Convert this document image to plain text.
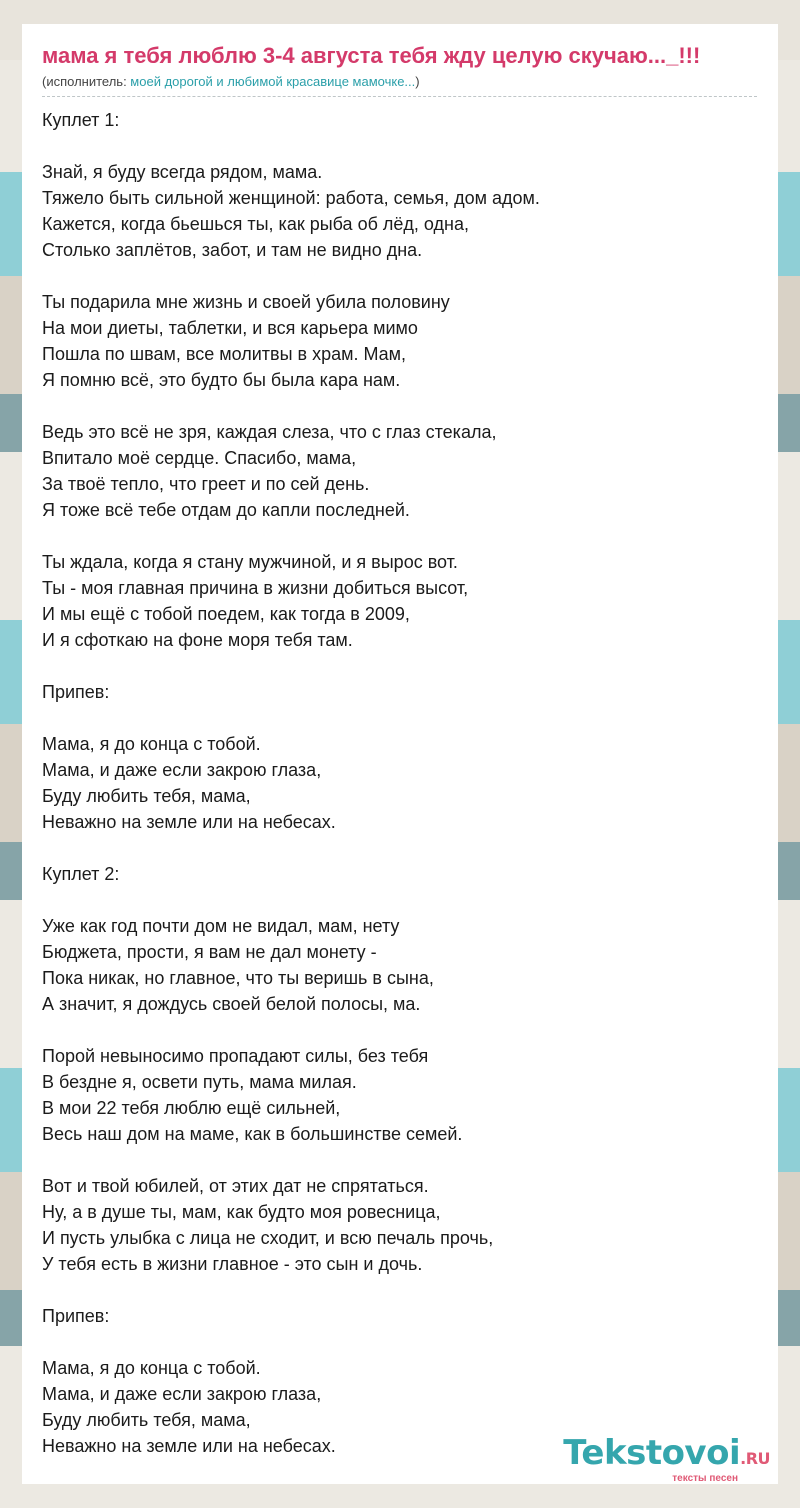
мама я тебя люблю 3-4 августа тебя жду целую скучаю..._!!!
(исполнитель: моей дорогой и любимой красавице мамочке...)
Куплет 1:
Знай, я буду всегда рядом, мама.
Тяжело быть сильной женщиной: работа, семья, дом адом.
Кажется, когда бьешься ты, как рыба об лёд, одна,
Столько заплётов, забот, и там не видно дна.
Ты подарила мне жизнь и своей убила половину
На мои диеты, таблетки, и вся карьера мимо
Пошла по швам, все молитвы в храм. Мам,
Я помню всё, это будто бы была кара нам.
Ведь это всё не зря, каждая слеза, что с глаз стекала,
Впитало моё сердце. Спасибо, мама,
За твоё тепло, что греет и по сей день.
Я тоже всё тебе отдам до капли последней.
Ты ждала, когда я стану мужчиной, и я вырос вот.
Ты - моя главная причина в жизни добиться высот,
И мы ещё с тобой поедем, как тогда в 2009,
И я сфоткаю на фоне моря тебя там.
Припев:
Мама, я до конца с тобой.
Мама, и даже если закрою глаза,
Буду любить тебя, мама,
Неважно на земле или на небесах.
Куплет 2:
Уже как год почти дом не видал, мам, нету
Бюджета, прости, я вам не дал монету -
Пока никак, но главное, что ты веришь в сына,
А значит, я дождусь своей белой полосы, ма.
Порой невыносимо пропадают силы, без тебя
В бездне я, освети путь, мама милая.
В мои 22 тебя люблю ещё сильней,
Весь наш дом на маме, как в большинстве семей.
Вот и твой юбилей, от этих дат не спрятаться.
Ну, а в душе ты, мам, как будто моя ровесница,
И пусть улыбка с лица не сходит, и всю печаль прочь,
У тебя есть в жизни главное - это сын и дочь.
Припев:
Мама, я до конца с тобой.
Мама, и даже если закрою глаза,
Буду любить тебя, мама,
Неважно на земле или на небесах.	Tekstovoi.RU
тексты песен
